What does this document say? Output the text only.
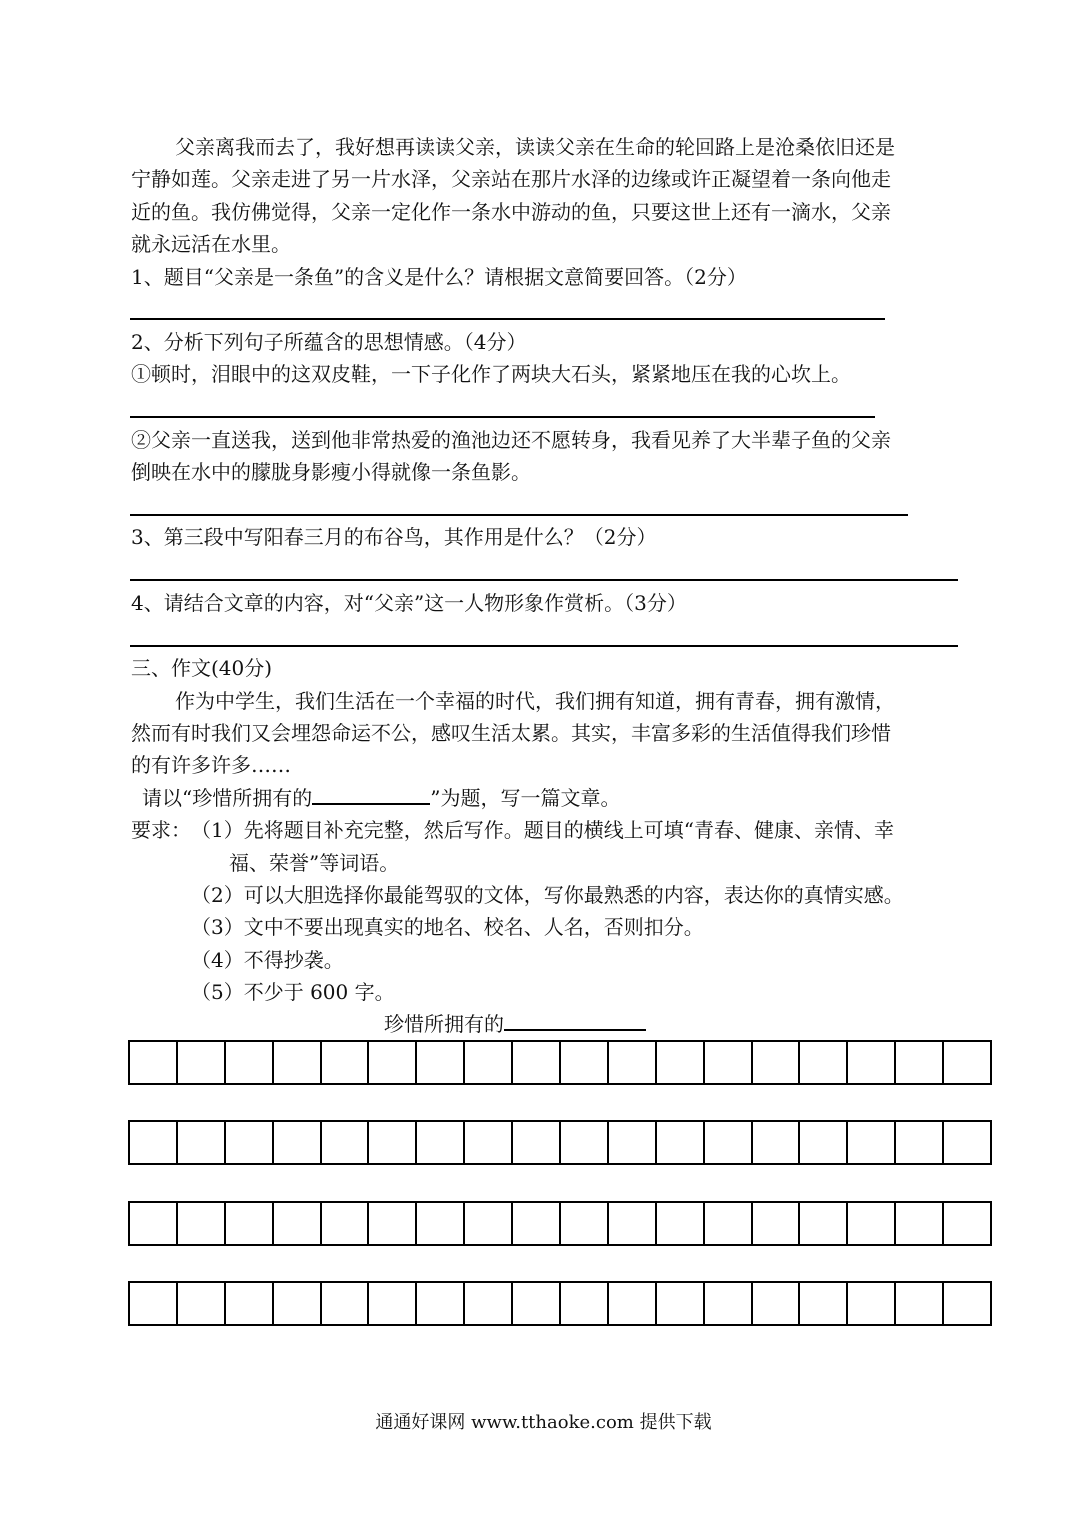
父亲离我而去了，我好想再读读父亲，读读父亲在生命的轮回路上是沧桑依旧还是
宁静如莲。父亲走进了另一片水泽，父亲站在那片水泽的边缘或许正凝望着一条向他走
近的鱼。我仿佛觉得，父亲一定化作一条水中游动的鱼，只要这世上还有一滴水，父亲
就永远活在水里。
1、题目“父亲是一条鱼”的含义是什么？请根据文意简要回答。（2分）
2、分析下列句子所蕴含的思想情感。（4分）
①顿时，泪眼中的这双皮鞋，一下子化作了两块大石头，紧紧地压在我的心坎上。
②父亲一直送我，送到他非常热爱的渔池边还不愿转身，我看见养了大半辈子鱼的父亲
倒映在水中的朦胧身影瘦小得就像一条鱼影。
3、第三段中写阳春三月的布谷鸟，其作用是什么？（2分）
4、请结合文章的内容，对“父亲”这一人物形象作赏析。（3分）
三、作文(40分)
作为中学生，我们生活在一个幸福的时代，我们拥有知道，拥有青春，拥有激情，
然而有时我们又会埋怨命运不公，感叹生活太累。其实，丰富多彩的生活值得我们珍惜
的有许多许多……
请以“珍惜所拥有的	”为题，写一篇文章。
要求： （1）先将题目补充完整，然后写作。题目的横线上可填“青春、健康、亲情、幸
福、荣誉”等词语。
（2）可以大胆选择你最能驾驭的文体，写你最熟悉的内容，表达你的真情实感。
（3）文中不要出现真实的地名、校名、人名，否则扣分。
（4）不得抄袭。
（5）不少于 600 字。
珍惜所拥有的
通通好课网 www.tthaoke.com 提供下载
